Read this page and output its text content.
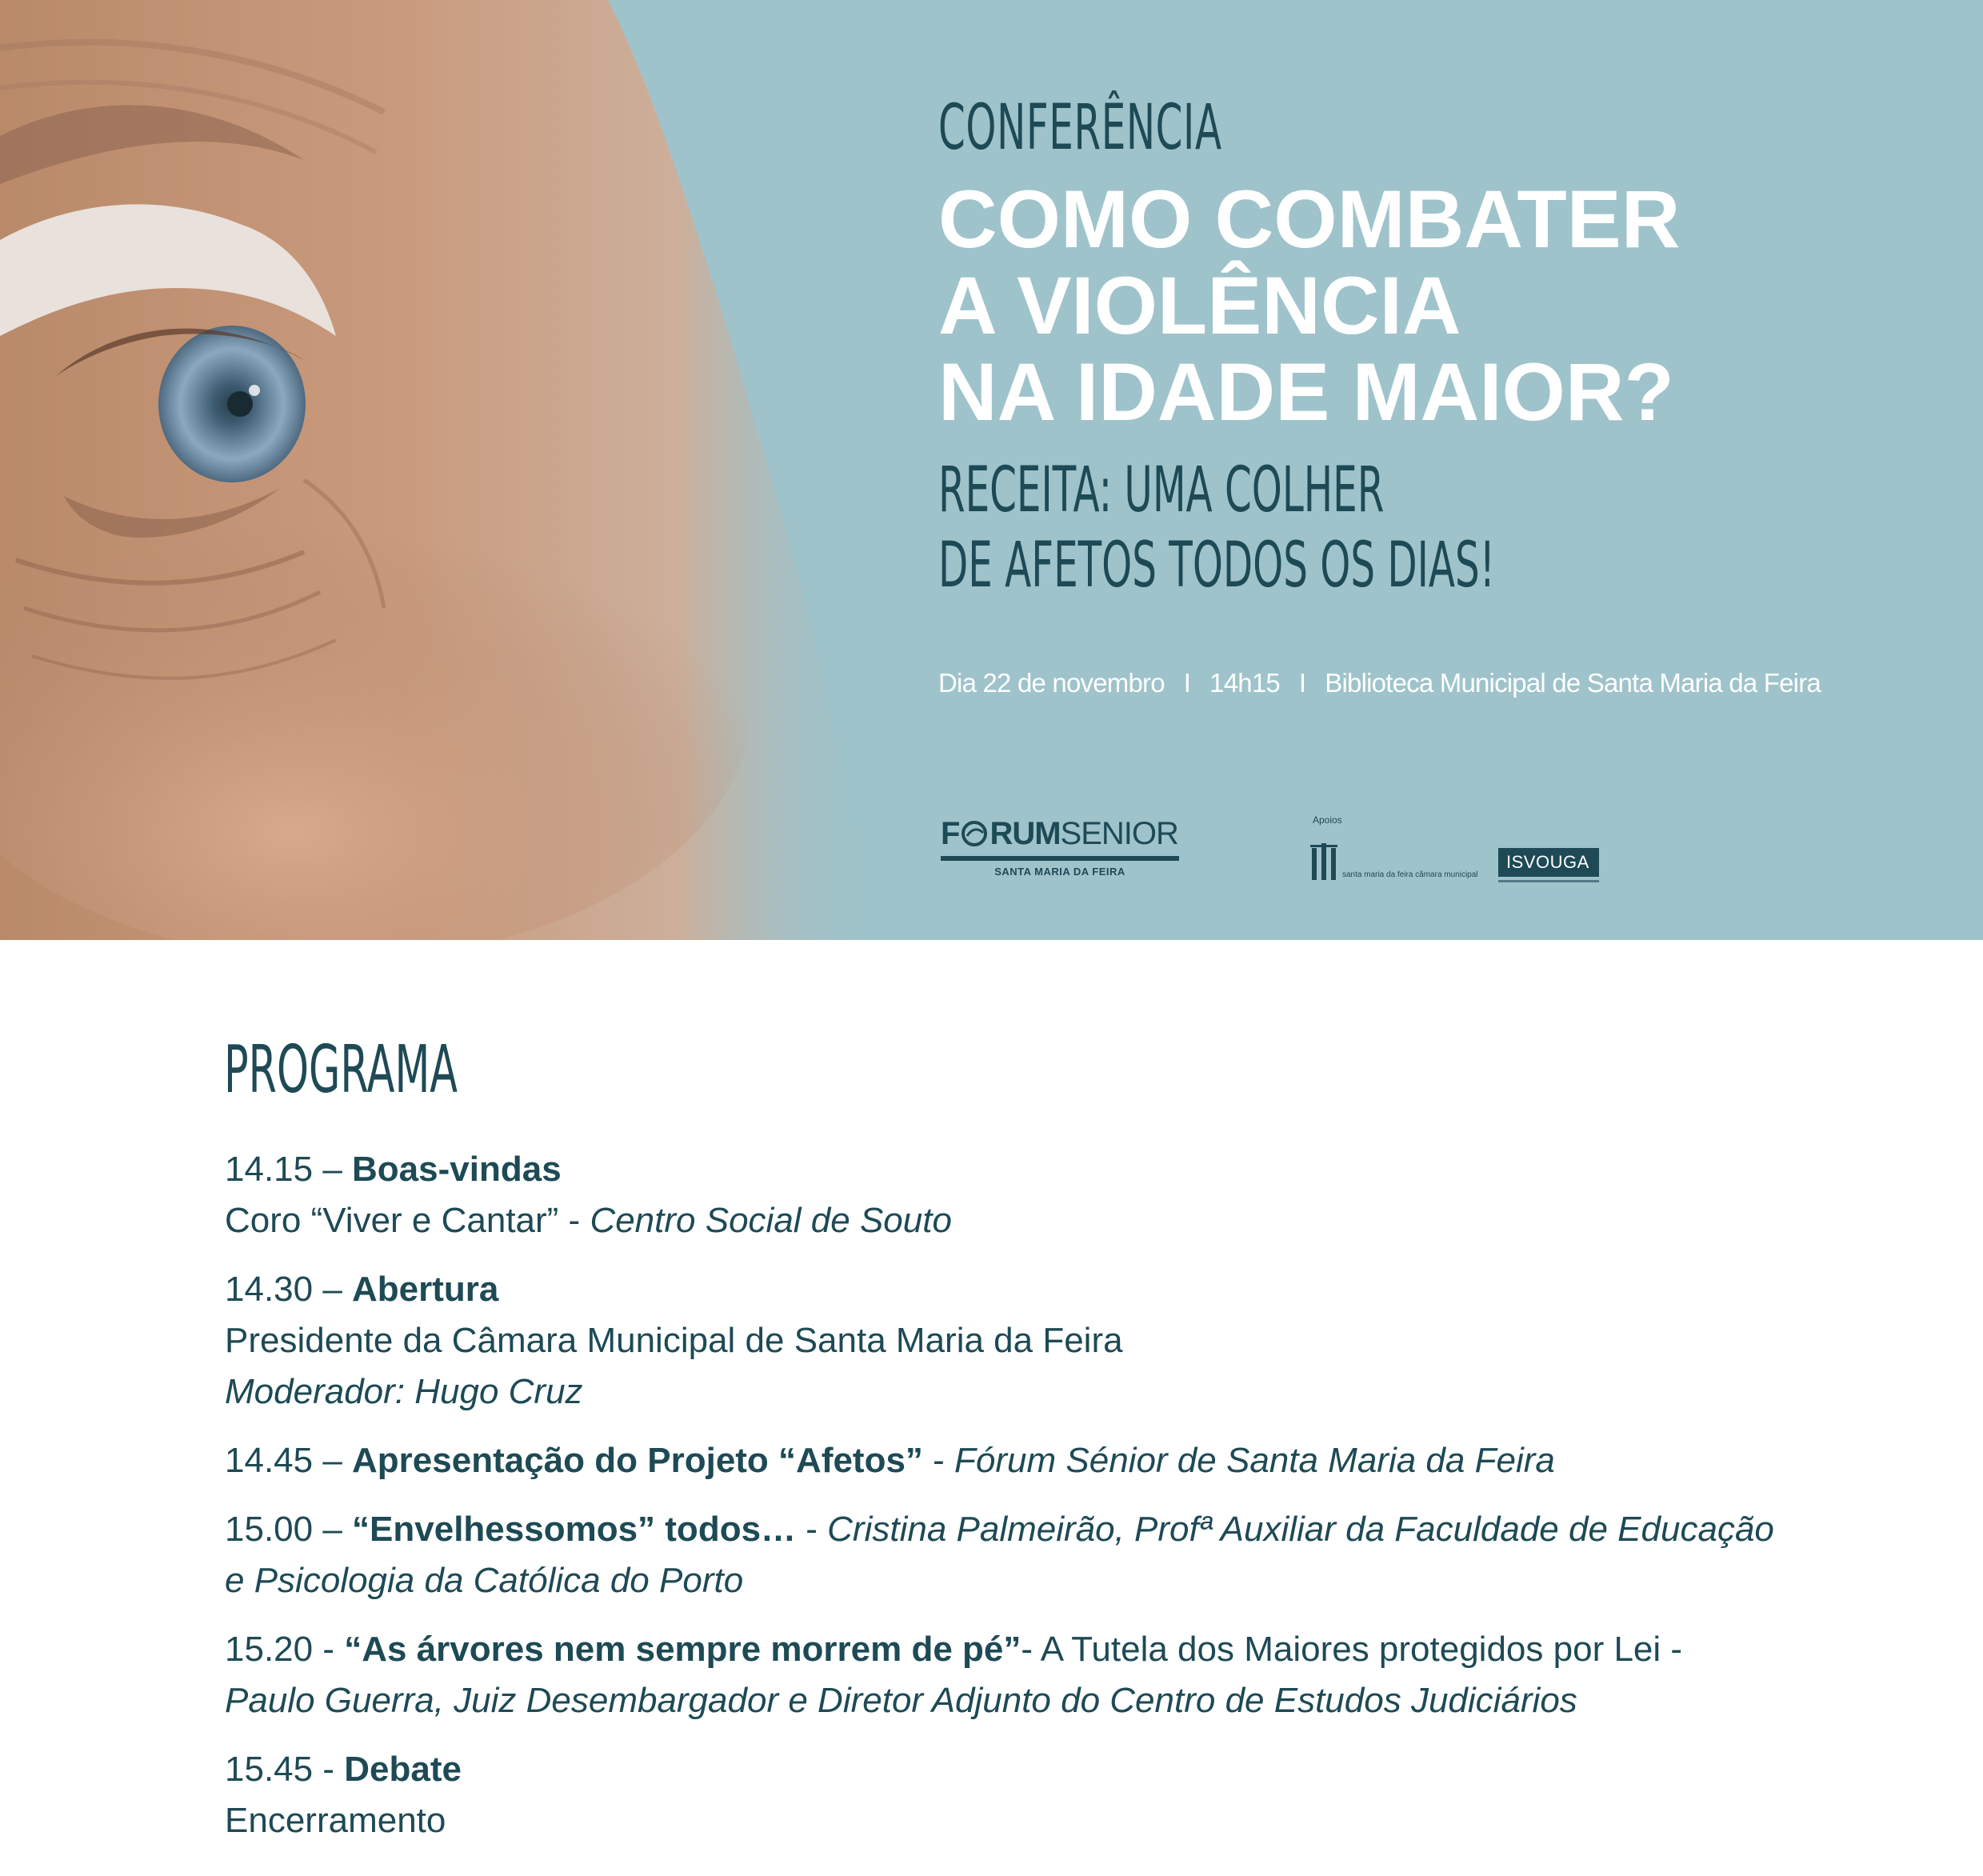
CONFERÊNCIA
COMO COMBATER
A VIOLÊNCIA
NA IDADE MAIOR?
RECEITA: UMA COLHER
DE AFETOS TODOS OS DIAS!
Dia 22 de novembro I 14h15 I Biblioteca Municipal de Santa Maria da Feira
F RUMSENIOR
SANTA MARIA DA FEIRA
Apoios
santa maria da feira câmara municipal
ISVOUGA
PROGRAMA

14.15 – Boas-vindas

Coro “Viver e Cantar” - Centro Social de Souto

14.30 – Abertura

Presidente da Câmara Municipal de Santa Maria da Feira

Moderador: Hugo Cruz

14.45 – Apresentação do Projeto “Afetos” - Fórum Sénior de Santa Maria da Feira

15.00 – “Envelhessomos” todos… - Cristina Palmeirão, Profª Auxiliar da Faculdade de Educação

e Psicologia da Católica do Porto

15.20 - “As árvores nem sempre morrem de pé”- A Tutela dos Maiores protegidos por Lei -

Paulo Guerra, Juiz Desembargador e Diretor Adjunto do Centro de Estudos Judiciários

15.45 - Debate

Encerramento
